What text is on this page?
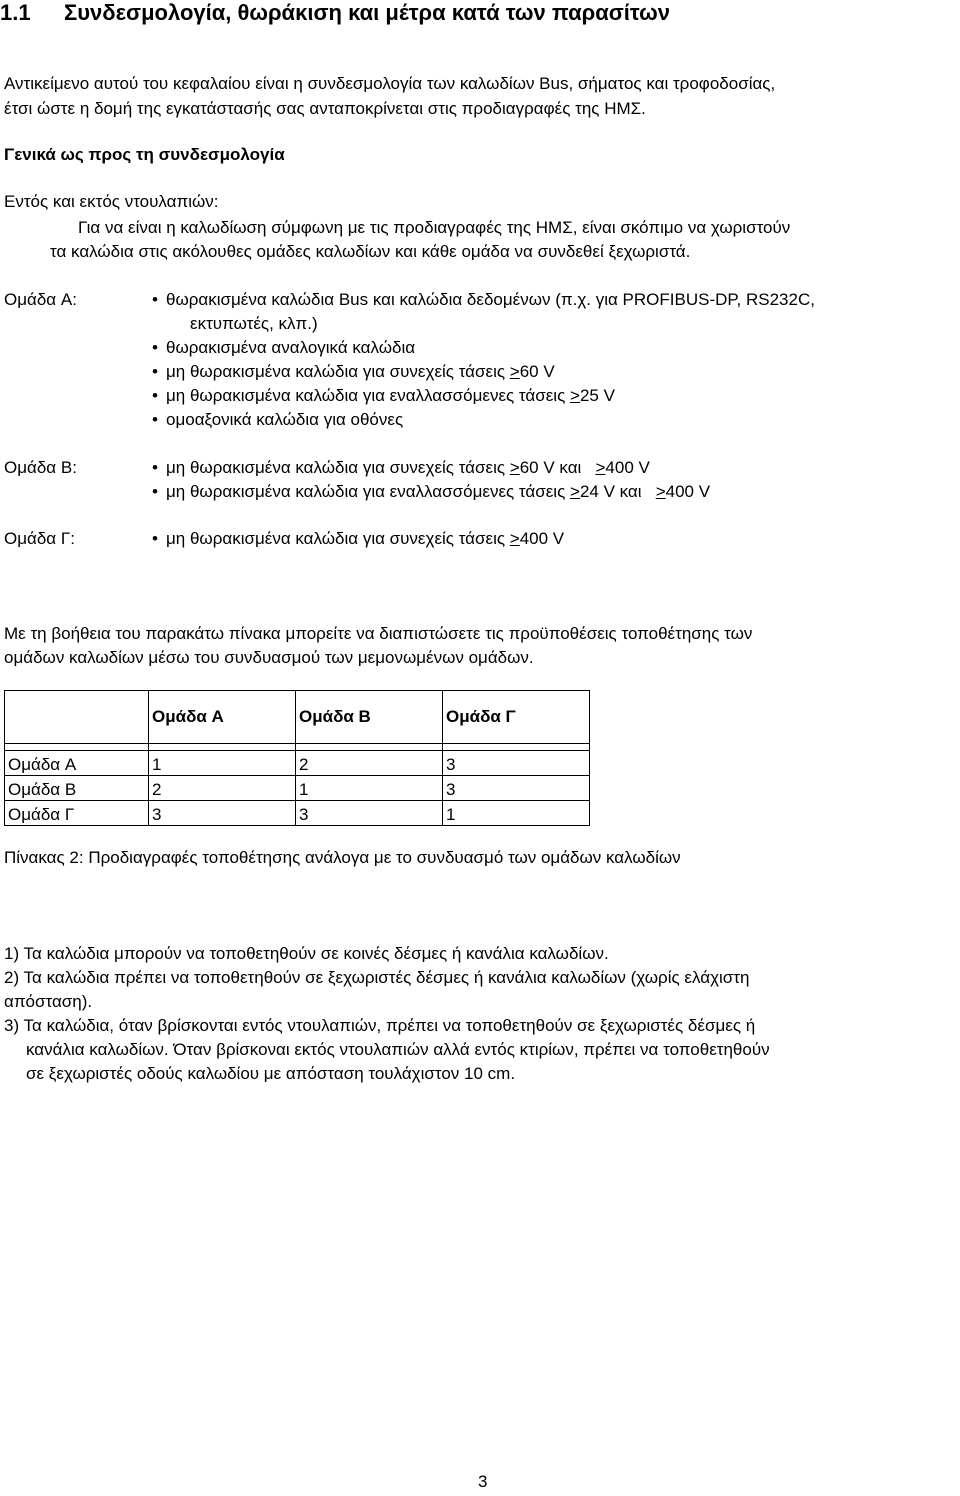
1.1 Συνδεσμολογία, θωράκιση και μέτρα κατά των παρασίτων
Αντικείμενο αυτού του κεφαλαίου είναι η συνδεσμολογία των καλωδίων Bus, σήματος και τροφοδοσίας,
έτσι ώστε η δομή της εγκατάστασής σας ανταποκρίνεται στις προδιαγραφές της ΗΜΣ.
Γενικά ως προς τη συνδεσμολογία
Εντός και εκτός ντουλαπιών:
Για να είναι η καλωδίωση σύμφωνη με τις προδιαγραφές της ΗΜΣ, είναι σκόπιμο να χωριστούν
τα καλώδια στις ακόλουθες ομάδες καλωδίων και κάθε ομάδα να συνδεθεί ξεχωριστά.
Ομάδα A:	• θωρακισμένα καλώδια Bus και καλώδια δεδομένων (π.χ. για PROFIBUS-DP, RS232C,
εκτυπωτές, κλπ.)
• θωρακισμένα αναλογικά καλώδια
• μη θωρακισμένα καλώδια για συνεχείς τάσεις >60 V
• μη θωρακισμένα καλώδια για εναλλασσόμενες τάσεις >25 V
• ομοαξονικά καλώδια για οθόνες
Ομάδα B:	• μη θωρακισμένα καλώδια για συνεχείς τάσεις >60 V και   >400 V
• μη θωρακισμένα καλώδια για εναλλασσόμενες τάσεις >24 V και   >400 V
Ομάδα Γ:	• μη θωρακισμένα καλώδια για συνεχείς τάσεις >400 V
Με τη βοήθεια του παρακάτω πίνακα μπορείτε να διαπιστώσετε τις προϋποθέσεις τοποθέτησης των
ομάδων καλωδίων μέσω του συνδυασμού των μεμονωμένων ομάδων.
	Ομάδα A	Ομάδα B	Ομάδα Γ

Ομάδα A	1	2	3
Ομάδα B	2	1	3
Ομάδα Γ	3	3	1
Πίνακας 2: Προδιαγραφές τοποθέτησης ανάλογα με το συνδυασμό των ομάδων καλωδίων
1) Τα καλώδια μπορούν να τοποθετηθούν σε κοινές δέσμες ή κανάλια καλωδίων.
2) Τα καλώδια πρέπει να τοποθετηθούν σε ξεχωριστές δέσμες ή κανάλια καλωδίων (χωρίς ελάχιστη
απόσταση).
3) Τα καλώδια, όταν βρίσκονται εντός ντουλαπιών, πρέπει να τοποθετηθούν σε ξεχωριστές δέσμες ή
κανάλια καλωδίων. Όταν βρίσκοναι εκτός ντουλαπιών αλλά εντός κτιρίων, πρέπει να τοποθετηθούν
σε ξεχωριστές οδούς καλωδίου με απόσταση τουλάχιστον 10 cm.
3
